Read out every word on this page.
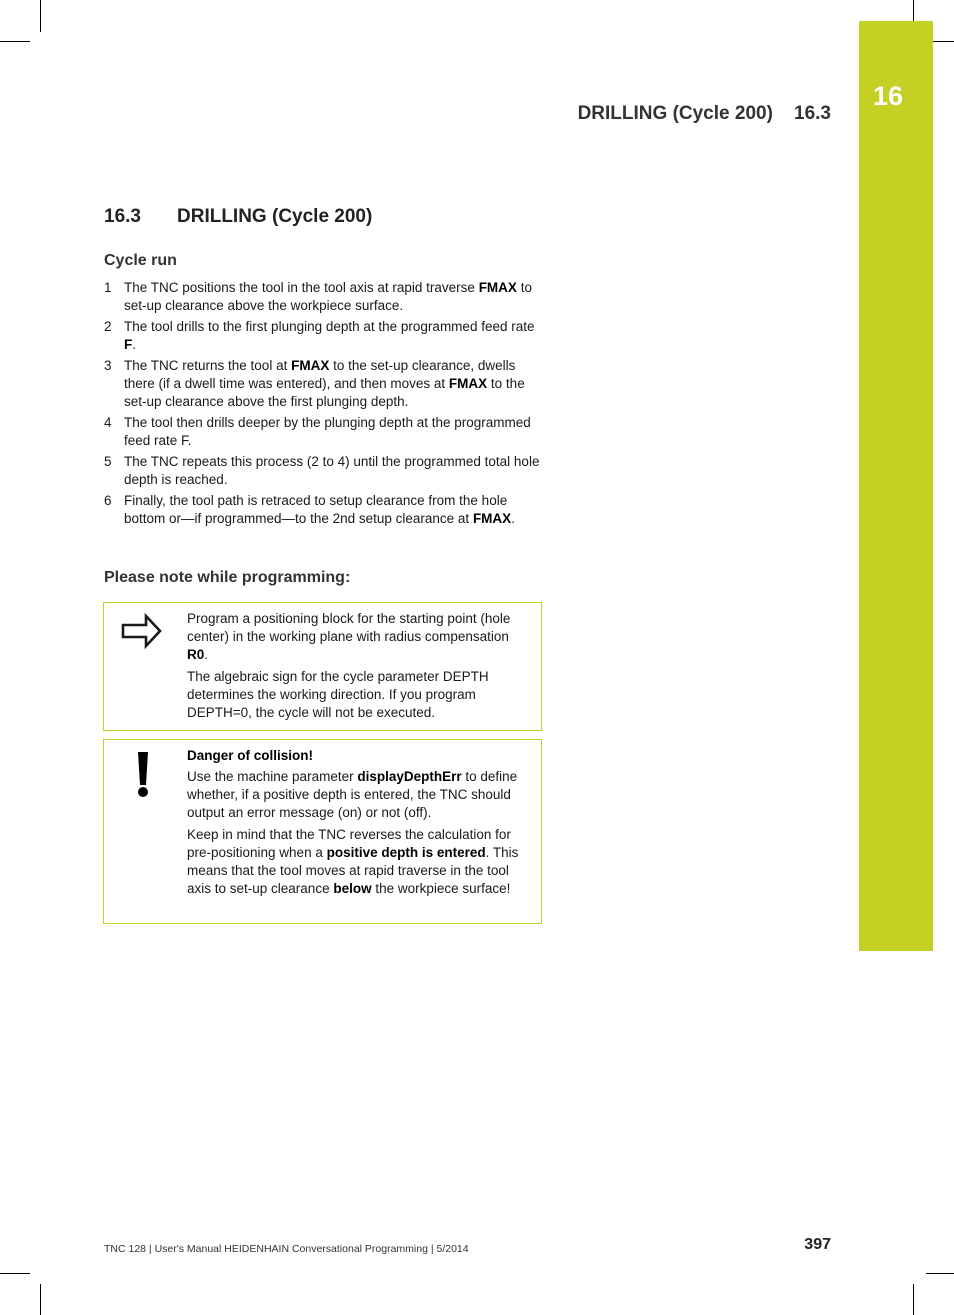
16
DRILLING (Cycle 200)    16.3
16.3 DRILLING (Cycle 200)
Cycle run
1 The TNC positions the tool in the tool axis at rapid traverse FMAX to set-up clearance above the workpiece surface.
2 The tool drills to the first plunging depth at the programmed feed rate F.
3 The TNC returns the tool at FMAX to the set-up clearance, dwells there (if a dwell time was entered), and then moves at FMAX to the set-up clearance above the first plunging depth.
4 The tool then drills deeper by the plunging depth at the programmed feed rate F.
5 The TNC repeats this process (2 to 4) until the programmed total hole depth is reached.
6 Finally, the tool path is retraced to setup clearance from the hole bottom or—if programmed—to the 2nd setup clearance at FMAX.
Please note while programming:

Program a positioning block for the starting point (hole center) in the working plane with radius compensation R0.

The algebraic sign for the cycle parameter DEPTH determines the working direction. If you program DEPTH=0, the cycle will not be executed.

Danger of collision!

Use the machine parameter displayDepthErr to define whether, if a positive depth is entered, the TNC should output an error message (on) or not (off).

Keep in mind that the TNC reverses the calculation for pre-positioning when a positive depth is entered. This means that the tool moves at rapid traverse in the tool axis to set-up clearance below the workpiece surface!

TNC 128 | User's Manual HEIDENHAIN Conversational Programming | 5/2014	397
